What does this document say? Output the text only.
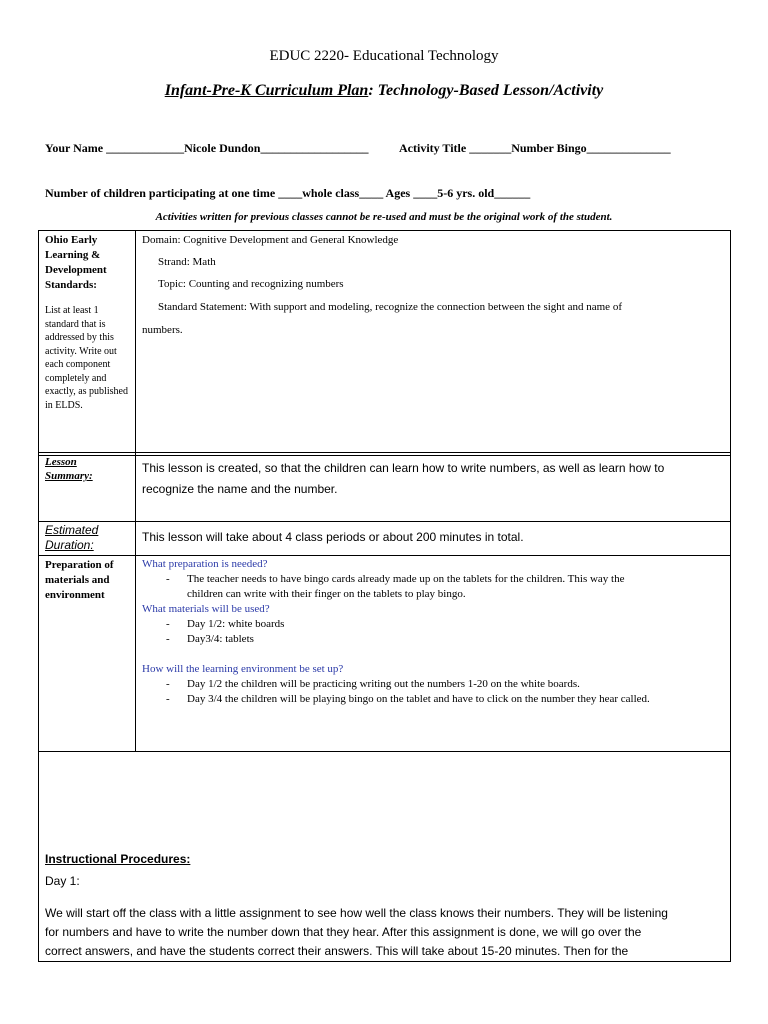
EDUC 2220- Educational Technology
Infant-Pre-K Curriculum Plan: Technology-Based Lesson/Activity
Your Name _____________Nicole Dundon__________________	Activity Title _______Number Bingo______________
Number of children participating at one time ____whole class____ Ages ____5-6 yrs. old______
Activities written for previous classes cannot be re-used and must be the original work of the student.
Ohio Early
Learning &
Development
Standards:
List at least 1 standard that is addressed by this activity. Write out each component completely and exactly, as published in ELDS.
Domain: Cognitive Development and General Knowledge
Strand: Math
Topic: Counting and recognizing numbers
Standard Statement: With support and modeling, recognize the connection between the sight and name of
numbers.
Lesson
Summary:
This lesson is created, so that the children can learn how to write numbers, as well as learn how to
recognize the name and the number.
Estimated
Duration:
This lesson will take about 4 class periods or about 200 minutes in total.
Preparation of
materials and
environment
What preparation is needed?
- The teacher needs to have bingo cards already made up on the tablets for the children. This way the
children can write with their finger on the tablets to play bingo.
What materials will be used?
- Day 1/2: white boards
- Day3/4: tablets
How will the learning environment be set up?
- Day 1/2 the children will be practicing writing out the numbers 1-20 on the white boards.
- Day 3/4 the children will be playing bingo on the tablet and have to click on the number they hear called.
Instructional Procedures:
Day 1:
We will start off the class with a little assignment to see how well the class knows their numbers. They will be listening
for numbers and have to write the number down that they hear. After this assignment is done, we will go over the
correct answers, and have the students correct their answers. This will take about 15-20 minutes. Then for the
